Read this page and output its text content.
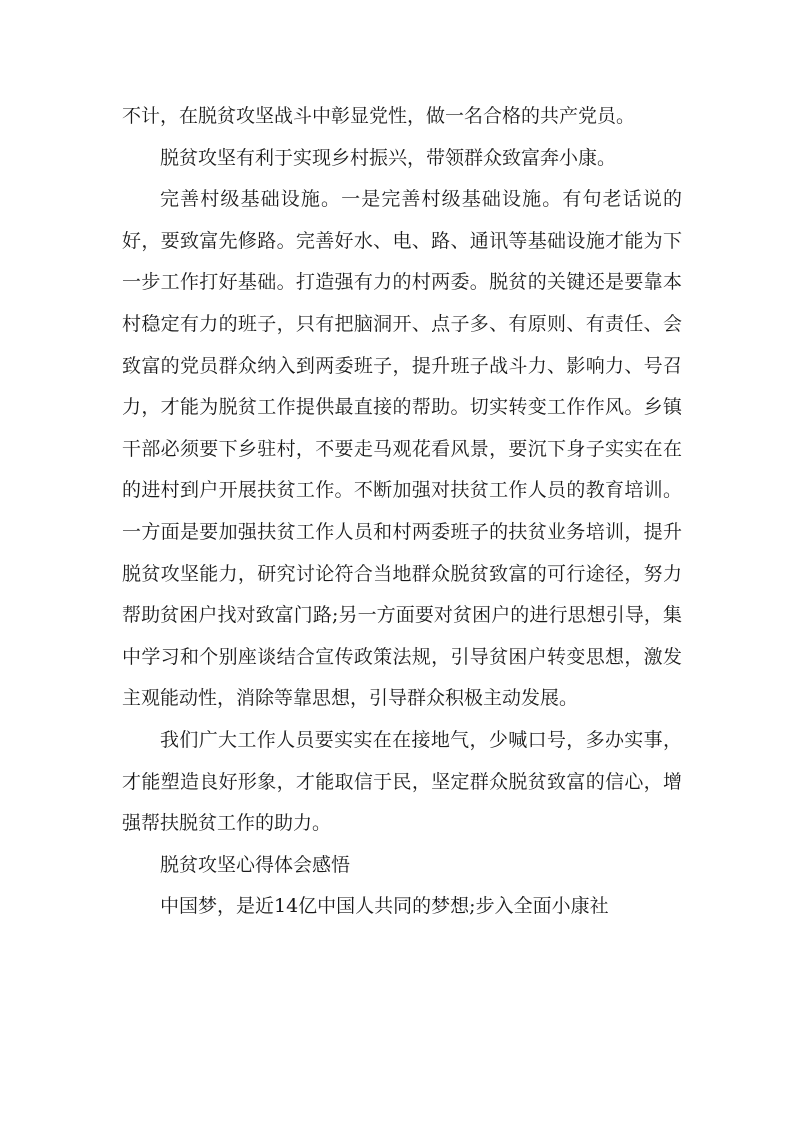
不计，在脱贫攻坚战斗中彰显党性，做一名合格的共产党员。

脱贫攻坚有利于实现乡村振兴，带领群众致富奔小康。

完善村级基础设施。一是完善村级基础设施。有句老话说的好，要致富先修路。完善好水、电、路、通讯等基础设施才能为下一步工作打好基础。打造强有力的村两委。脱贫的关键还是要靠本村稳定有力的班子，只有把脑洞开、点子多、有原则、有责任、会致富的党员群众纳入到两委班子，提升班子战斗力、影响力、号召力，才能为脱贫工作提供最直接的帮助。切实转变工作作风。乡镇干部必须要下乡驻村，不要走马观花看风景，要沉下身子实实在在的进村到户开展扶贫工作。不断加强对扶贫工作人员的教育培训。一方面是要加强扶贫工作人员和村两委班子的扶贫业务培训，提升脱贫攻坚能力，研究讨论符合当地群众脱贫致富的可行途径，努力帮助贫困户找对致富门路;另一方面要对贫困户的进行思想引导，集中学习和个别座谈结合宣传政策法规，引导贫困户转变思想，激发主观能动性，消除等靠思想，引导群众积极主动发展。

我们广大工作人员要实实在在接地气，少喊口号，多办实事，才能塑造良好形象，才能取信于民，坚定群众脱贫致富的信心，增强帮扶脱贫工作的助力。

脱贫攻坚心得体会感悟

中国梦，是近14亿中国人共同的梦想;步入全面小康社
